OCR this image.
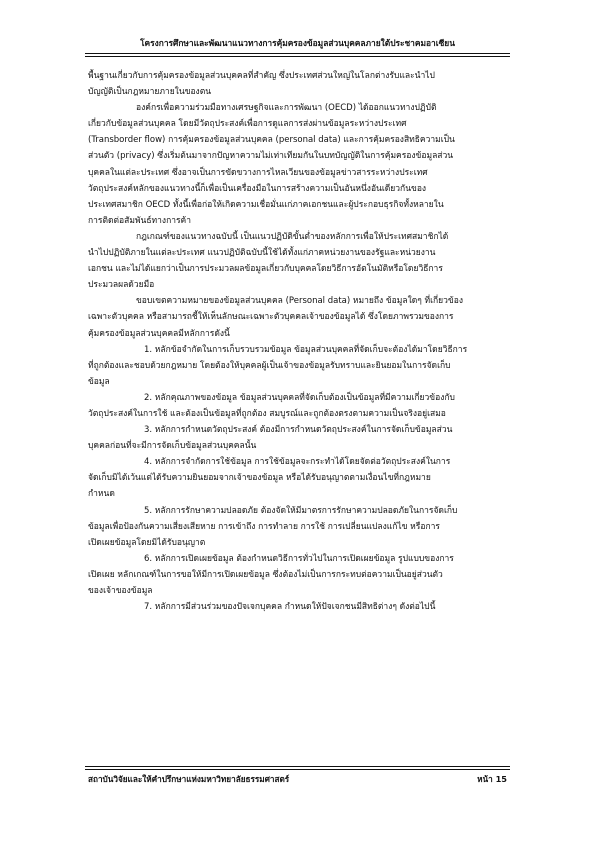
โครงการศึกษาและพัฒนาแนวทางการคุ้มครองข้อมูลส่วนบุคคลภายใต้ประชาคมอาเซียน
พื้นฐานเกี่ยวกับการคุ้มครองข้อมูลส่วนบุคคลที่สำคัญ ซึ่งประเทศส่วนใหญ่ในโลกต่างรับและนำไป
บัญญัติเป็นกฎหมายภายในของตน
องค์กรเพื่อความร่วมมือทางเศรษฐกิจและการพัฒนา (OECD) ได้ออกแนวทางปฏิบัติ
เกี่ยวกับข้อมูลส่วนบุคคล โดยมีวัตถุประสงค์เพื่อการดูแลการส่งผ่านข้อมูลระหว่างประเทศ
(Transborder flow) การคุ้มครองข้อมูลส่วนบุคคล (personal data) และการคุ้มครองสิทธิความเป็น
ส่วนตัว (privacy) ซึ่งเริ่มต้นมาจากปัญหาความไม่เท่าเทียมกันในบทบัญญัติในการคุ้มครองข้อมูลส่วน
บุคคลในแต่ละประเทศ ซึ่งอาจเป็นการขัดขวางการไหลเวียนของข้อมูลข่าวสารระหว่างประเทศ
วัตถุประสงค์หลักของแนวทางนี้ก็เพื่อเป็นเครื่องมือในการสร้างความเป็นอันหนึ่งอันเดียวกันของ
ประเทศสมาชิก OECD ทั้งนี้เพื่อก่อให้เกิดความเชื่อมั่นแก่ภาคเอกชนและผู้ประกอบธุรกิจทั้งหลายใน
การติดต่อสัมพันธ์ทางการค้า
กฎเกณฑ์ของแนวทางฉบับนี้ เป็นแนวปฏิบัติขั้นต่ำของหลักการเพื่อให้ประเทศสมาชิกได้
นำไปปฏิบัติภายในแต่ละประเทศ แนวปฏิบัติฉบับนี้ใช้ได้ทั้งแก่ภาคหน่วยงานของรัฐและหน่วยงาน
เอกชน และไม่ได้แยกว่าเป็นการประมวลผลข้อมูลเกี่ยวกับบุคคลโดยวิธีการอัตโนมัติหรือโดยวิธีการ
ประมวลผลด้วยมือ
ขอบเขตความหมายของข้อมูลส่วนบุคคล (Personal data) หมายถึง ข้อมูลใดๆ ที่เกี่ยวข้อง
เฉพาะตัวบุคคล หรือสามารถชี้ให้เห็นลักษณะเฉพาะตัวบุคคลเจ้าของข้อมูลได้ ซึ่งโดยภาพรวมของการ
คุ้มครองข้อมูลส่วนบุคคลมีหลักการดังนี้
1. หลักข้อจำกัดในการเก็บรวบรวมข้อมูล ข้อมูลส่วนบุคคลที่จัดเก็บจะต้องได้มาโดยวิธีการ
ที่ถูกต้องและชอบด้วยกฎหมาย โดยต้องให้บุคคลผู้เป็นเจ้าของข้อมูลรับทราบและยินยอมในการจัดเก็บ
ข้อมูล
2. หลักคุณภาพของข้อมูล ข้อมูลส่วนบุคคลที่จัดเก็บต้องเป็นข้อมูลที่มีความเกี่ยวข้องกับ
วัตถุประสงค์ในการใช้ และต้องเป็นข้อมูลที่ถูกต้อง สมบูรณ์และถูกต้องตรงตามความเป็นจริงอยู่เสมอ
3. หลักการกำหนดวัตถุประสงค์ ต้องมีการกำหนดวัตถุประสงค์ในการจัดเก็บข้อมูลส่วน
บุคคลก่อนที่จะมีการจัดเก็บข้อมูลส่วนบุคคลนั้น
4. หลักการจำกัดการใช้ข้อมูล การใช้ข้อมูลจะกระทำได้โดยจัดต่อวัตถุประสงค์ในการ
จัดเก็บมิได้เว้นแต่ได้รับความยินยอมจากเจ้าของข้อมูล หรือได้รับอนุญาตตามเงื่อนไขที่กฎหมาย
กำหนด
5. หลักการรักษาความปลอดภัย ต้องจัดให้มีมาตรการรักษาความปลอดภัยในการจัดเก็บ
ข้อมูลเพื่อป้องกันความเสี่ยงเสียหาย การเข้าถึง การทำลาย การใช้ การเปลี่ยนแปลงแก้ไข หรือการ
เปิดเผยข้อมูลโดยมิได้รับอนุญาต
6. หลักการเปิดเผยข้อมูล ต้องกำหนดวิธีการทั่วไปในการเปิดเผยข้อมูล รูปแบบของการ
เปิดเผย หลักเกณฑ์ในการขอให้มีการเปิดเผยข้อมูล ซึ่งต้องไม่เป็นการกระทบต่อความเป็นอยู่ส่วนตัว
ของเจ้าของข้อมูล
7. หลักการมีส่วนร่วมของปัจเจกบุคคล กำหนดให้ปัจเจกชนมีสิทธิต่างๆ ดังต่อไปนี้
สถาบันวิจัยและให้คำปรึกษาแห่งมหาวิทยาลัยธรรมศาสตร์	หน้า 15
